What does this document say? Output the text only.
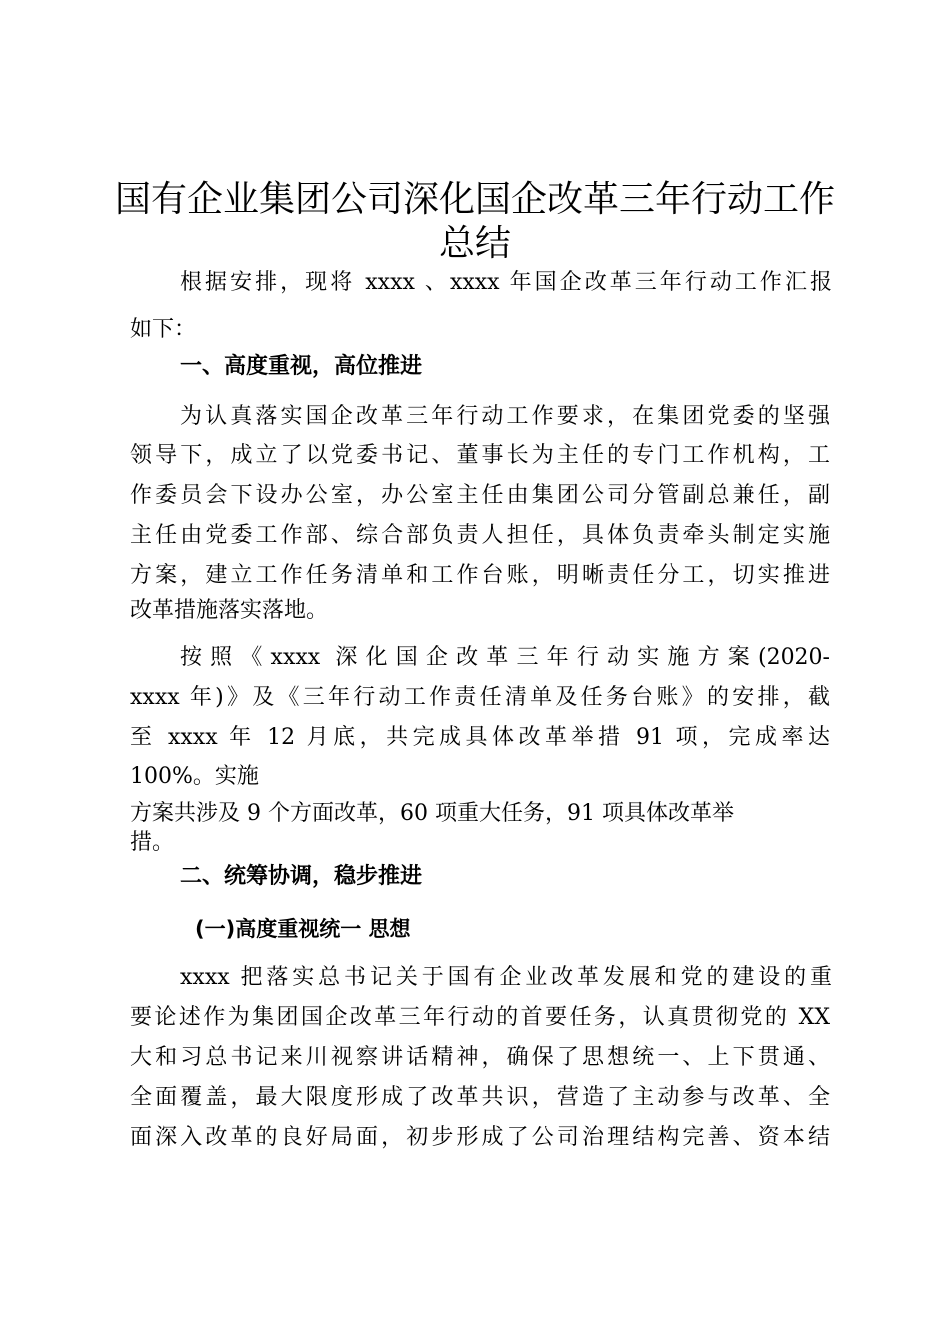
国有企业集团公司深化国企改革三年行动工作
总结
根据安排，现将 xxxx 、xxxx 年国企改革三年行动工作汇报
如下：
一、高度重视，高位推进
为认真落实国企改革三年行动工作要求，在集团党委的坚强
领导下，成立了以党委书记、董事长为主任的专门工作机构，工
作委员会下设办公室，办公室主任由集团公司分管副总兼任，副
主任由党委工作部、综合部负责人担任，具体负责牵头制定实施
方案，建立工作任务清单和工作台账，明晰责任分工，切实推进
改革措施落实落地。
按照《xxxx 深化国企改革三年行动实施方案(2020-
xxxx 年)》及《三年行动工作责任清单及任务台账》的安排，截
至 xxxx 年 12 月底，共完成具体改革举措 91 项，完成率达
100%。实施
方案共涉及 9 个方面改革，60 项重大任务，91 项具体改革举
措。
二、统筹协调，稳步推进
(一)高度重视统一 思想
xxxx 把落实总书记关于国有企业改革发展和党的建设的重
要论述作为集团国企改革三年行动的首要任务，认真贯彻党的 XX
大和习总书记来川视察讲话精神，确保了思想统一、上下贯通、
全面覆盖，最大限度形成了改革共识，营造了主动参与改革、全
面深入改革的良好局面，初步形成了公司治理结构完善、资本结
